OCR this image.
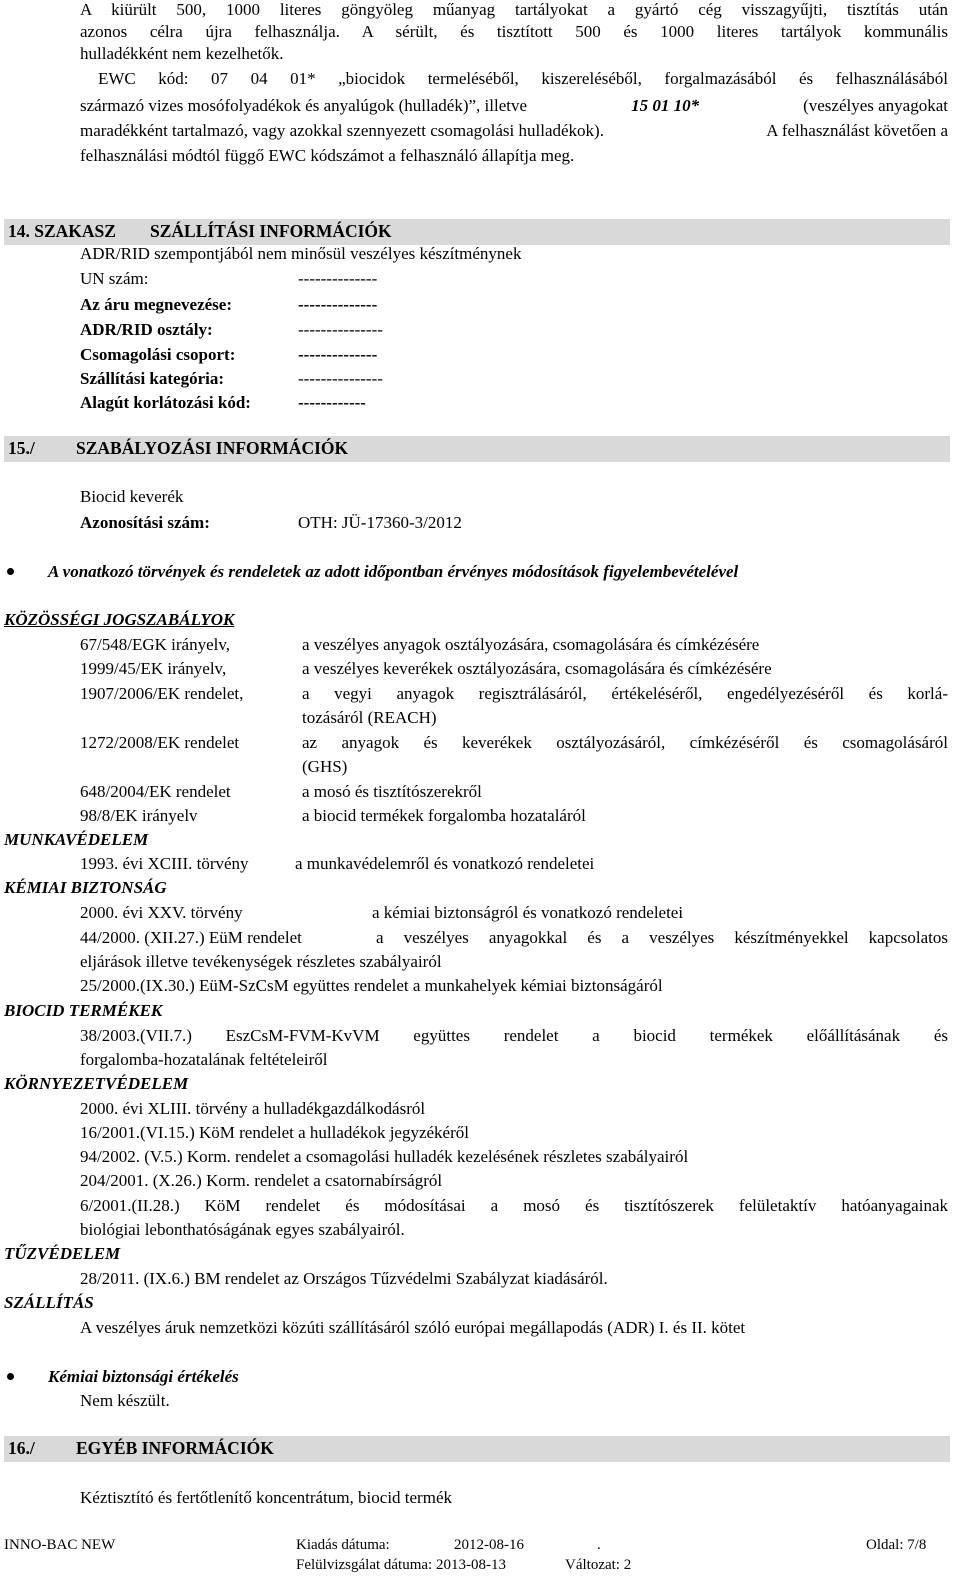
A kiürült 500, 1000 literes göngyöleg műanyag tartályokat a gyártó cég visszagyűjti, tisztítás után
azonos célra újra felhasználja. A sérült, és tisztított 500 és 1000 literes tartályok kommunális
hulladékként nem kezelhetők.
EWC kód: 07 04 01* „biocidok termeléséből, kiszereléséből, forgalmazásából és felhasználásából
származó vizes mosófolyadékok és anyalúgok (hulladék)”, illetve	15 01 10*	(veszélyes anyagokat
maradékként tartalmazó, vagy azokkal szennyezett csomagolási hulladékok).	A felhasználást követően a
felhasználási módtól függő EWC kódszámot a felhasználó állapítja meg.
14. SZAKASZ SZÁLLÍTÁSI INFORMÁCIÓK
ADR/RID szempontjából nem minősül veszélyes készítménynek
UN szám:	--------------
Az áru megnevezése:	--------------
ADR/RID osztály:	---------------
Csomagolási csoport:	--------------
Szállítási kategória:	---------------
Alagút korlátozási kód:	------------
15./ SZABÁLYOZÁSI INFORMÁCIÓK
Biocid keverék
Azonosítási szám:	OTH: JÜ-17360-3/2012
A vonatkozó törvények és rendeletek az adott időpontban érvényes módosítások figyelembevételével
KÖZÖSSÉGI JOGSZABÁLYOK
67/548/EGK irányelv,	a veszélyes anyagok osztályozására, csomagolására és címkézésére
1999/45/EK irányelv,	a veszélyes keverékek osztályozására, csomagolására és címkézésére
1907/2006/EK rendelet,	a vegyi anyagok regisztrálásáról, értékeléséről, engedélyezéséről és korlá-
tozásáról (REACH)
1272/2008/EK rendelet	az anyagok és keverékek osztályozásáról, címkézéséről és csomagolásáról
(GHS)
648/2004/EK rendelet	a mosó és tisztítószerekről
98/8/EK irányelv	a biocid termékek forgalomba hozataláról
MUNKAVÉDELEM
1993. évi XCIII. törvény	a munkavédelemről és vonatkozó rendeletei
KÉMIAI BIZTONSÁG
2000. évi XXV. törvény	a kémiai biztonságról és vonatkozó rendeletei
44/2000. (XII.27.) EüM rendelet	a veszélyes anyagokkal és a veszélyes készítményekkel kapcsolatos
eljárások illetve tevékenységek részletes szabályairól
25/2000.(IX.30.) EüM-SzCsM együttes rendelet a munkahelyek kémiai biztonságáról
BIOCID TERMÉKEK
38/2003.(VII.7.) EszCsM-FVM-KvVM együttes rendelet a biocid termékek előállításának és
forgalomba-hozatalának feltételeiről
KÖRNYEZETVÉDELEM
2000. évi XLIII. törvény a hulladékgazdálkodásról
16/2001.(VI.15.) KöM rendelet a hulladékok jegyzékéről
94/2002. (V.5.) Korm. rendelet a csomagolási hulladék kezelésének részletes szabályairól
204/2001. (X.26.) Korm. rendelet a csatornabírságról
6/2001.(II.28.) KöM rendelet és módosításai a mosó és tisztítószerek felületaktív hatóanyagainak
biológiai lebonthatóságának egyes szabályairól.
TŰZVÉDELEM
28/2011. (IX.6.) BM rendelet az Országos Tűzvédelmi Szabályzat kiadásáról.
SZÁLLÍTÁS
A veszélyes áruk nemzetközi közúti szállításáról szóló európai megállapodás (ADR) I. és II. kötet
Kémiai biztonsági értékelés
Nem készült.
16./ EGYÉB INFORMÁCIÓK
Kéztisztító és fertőtlenítő koncentrátum, biocid termék
INNO-BAC NEW	Kiadás dátuma:	2012-08-16	.	Oldal: 7/8
Felülvizsgálat dátuma: 2013-08-13	Változat: 2
